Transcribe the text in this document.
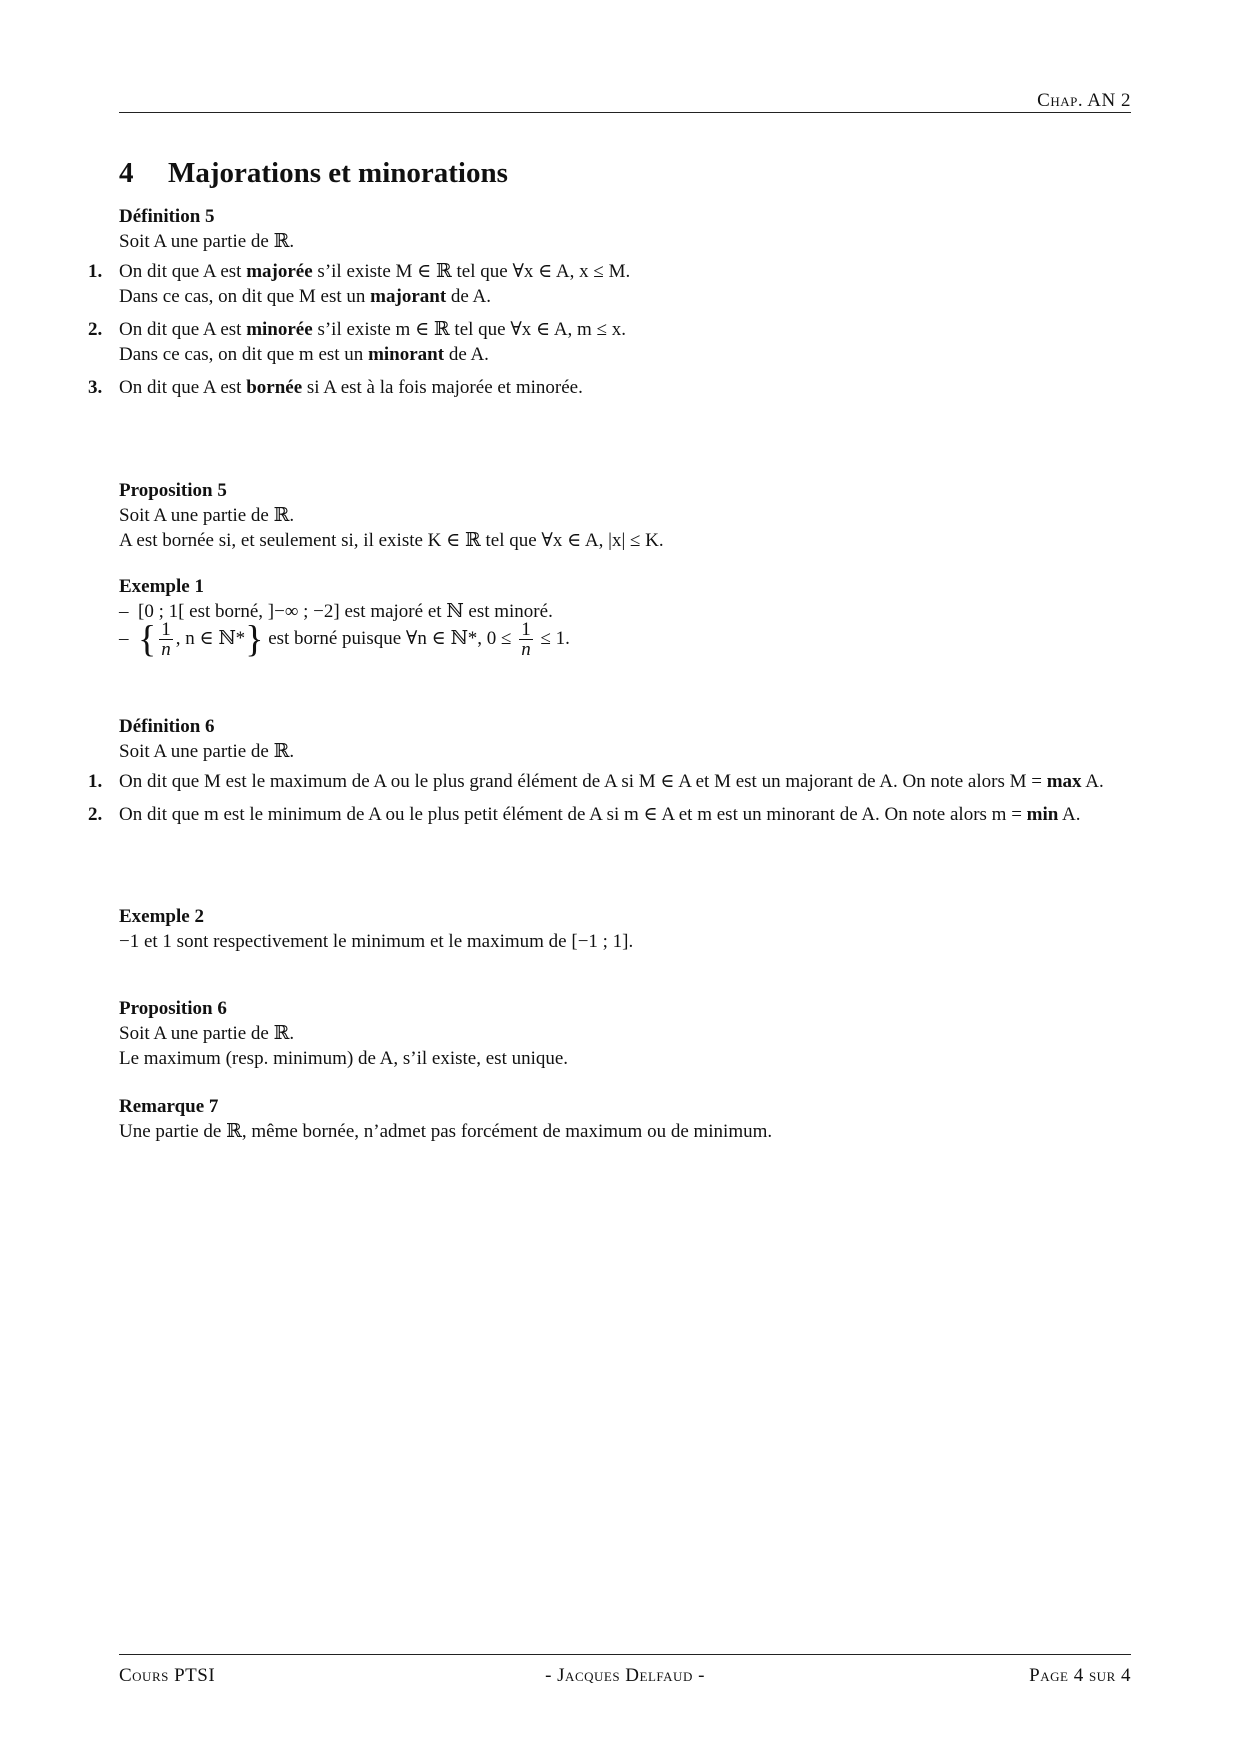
Chap. AN 2
4 Majorations et minorations
Définition 5
Soit A une partie de ℝ.
1. On dit que A est majorée s’il existe M ∈ ℝ tel que ∀x ∈ A, x ≤ M.
Dans ce cas, on dit que M est un majorant de A.
2. On dit que A est minorée s’il existe m ∈ ℝ tel que ∀x ∈ A, m ≤ x.
Dans ce cas, on dit que m est un minorant de A.
3. On dit que A est bornée si A est à la fois majorée et minorée.
Proposition 5
Soit A une partie de ℝ.
A est bornée si, et seulement si, il existe K ∈ ℝ tel que ∀x ∈ A, |x| ≤ K.
Exemple 1
– [0 ; 1[ est borné, ]−∞ ; −2] est majoré et ℕ est minoré.
– { $\frac{1}{n}$ , n ∈ ℕ*} est borné puisque ∀n ∈ ℕ*, $0 \le \frac{1}{n} \le 1$.
Définition 6
Soit A une partie de ℝ.
1. On dit que M est le maximum de A ou le plus grand élément de A si M ∈ A et M est un majorant de A. On note alors M = max A.
2. On dit que m est le minimum de A ou le plus petit élément de A si m ∈ A et m est un minorant de A. On note alors m = min A.
Exemple 2
−1 et 1 sont respectivement le minimum et le maximum de [−1 ; 1].
Proposition 6
Soit A une partie de ℝ.
Le maximum (resp. minimum) de A, s’il existe, est unique.
Remarque 7
Une partie de ℝ, même bornée, n’admet pas forcément de maximum ou de minimum.
Cours PTSI	- Jacques Delfaud -	Page 4 sur 4
